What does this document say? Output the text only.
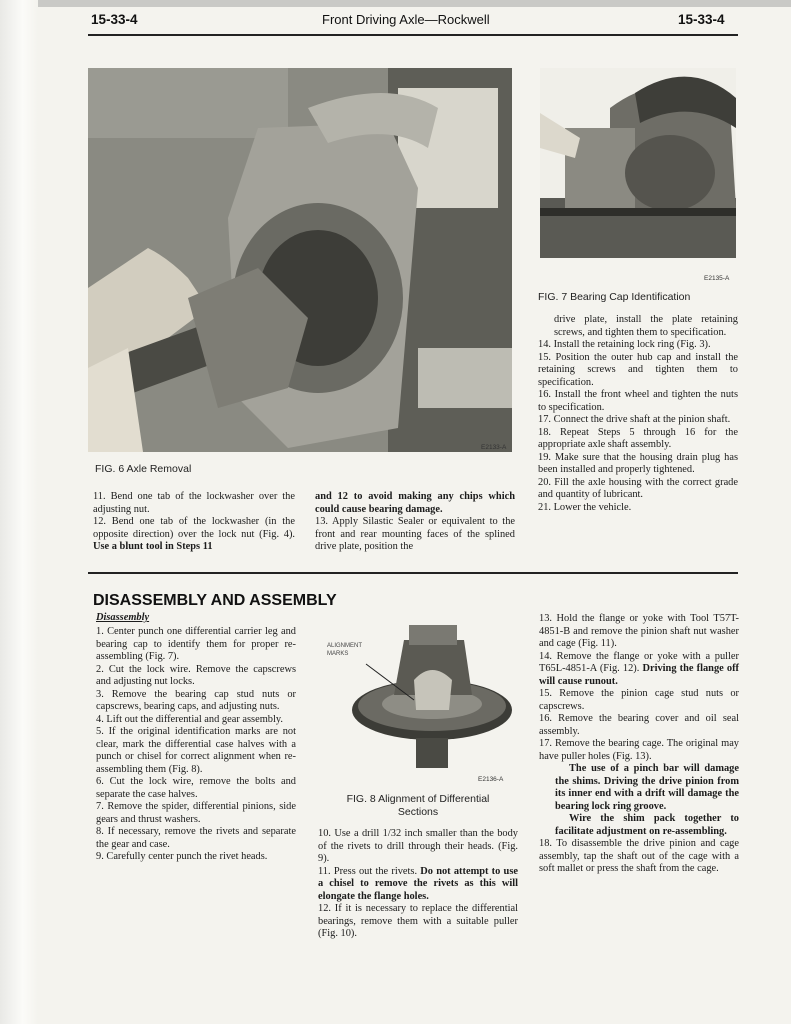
15-33-4	Front Driving Axle—Rockwell	15-33-4
E2133-A
FIG. 6 Axle Removal
E2135-A
FIG. 7 Bearing Cap Identification

11. Bend one tab of the lockwasher over the adjusting nut.

12. Bend one tab of the lockwasher (in the opposite direction) over the lock nut (Fig. 4). Use a blunt tool in Steps 11

and 12 to avoid making any chips which could cause bearing damage.

13. Apply Silastic Sealer or equivalent to the front and rear mounting faces of the splined drive plate, position the

drive plate, install the plate retaining screws, and tighten them to specification.

14. Install the retaining lock ring (Fig. 3).

15. Position the outer hub cap and install the retaining screws and tighten them to specification.

16. Install the front wheel and tighten the nuts to specification.

17. Connect the drive shaft at the pinion shaft.

18. Repeat Steps 5 through 16 for the appropriate axle shaft assembly.

19. Make sure that the housing drain plug has been installed and properly tightened.

20. Fill the axle housing with the correct grade and quantity of lubricant.

21. Lower the vehicle.

DISASSEMBLY AND ASSEMBLY
Disassembly

1. Center punch one differential carrier leg and bearing cap to identify them for proper re-assembling (Fig. 7).

2. Cut the lock wire. Remove the capscrews and adjusting nut locks.

3. Remove the bearing cap stud nuts or capscrews, bearing caps, and adjusting nuts.

4. Lift out the differential and gear assembly.

5. If the original identification marks are not clear, mark the differential case halves with a punch or chisel for correct alignment when re-assembling them (Fig. 8).

6. Cut the lock wire, remove the bolts and separate the case halves.

7. Remove the spider, differential pinions, side gears and thrust washers.

8. If necessary, remove the rivets and separate the gear and case.

9. Carefully center punch the rivet heads.

ALIGNMENT
MARKS
E2136-A
FIG. 8 Alignment of Differential
Sections

10. Use a drill 1/32 inch smaller than the body of the rivets to drill through their heads. (Fig. 9).

11. Press out the rivets. Do not attempt to use a chisel to remove the rivets as this will elongate the flange holes.

12. If it is necessary to replace the differential bearings, remove them with a suitable puller (Fig. 10).

13. Hold the flange or yoke with Tool T57T-4851-B and remove the pinion shaft nut washer and cage (Fig. 11).

14. Remove the flange or yoke with a puller T65L-4851-A (Fig. 12). Driving the flange off will cause runout.

15. Remove the pinion cage stud nuts or capscrews.

16. Remove the bearing cover and oil seal assembly.

17. Remove the bearing cage. The original may have puller holes (Fig. 13).

The use of a pinch bar will damage the shims. Driving the drive pinion from its inner end with a drift will damage the bearing lock ring groove.

Wire the shim pack together to facilitate adjustment on re-assembling.

18. To disassemble the drive pinion and cage assembly, tap the shaft out of the cage with a soft mallet or press the shaft from the cage.
